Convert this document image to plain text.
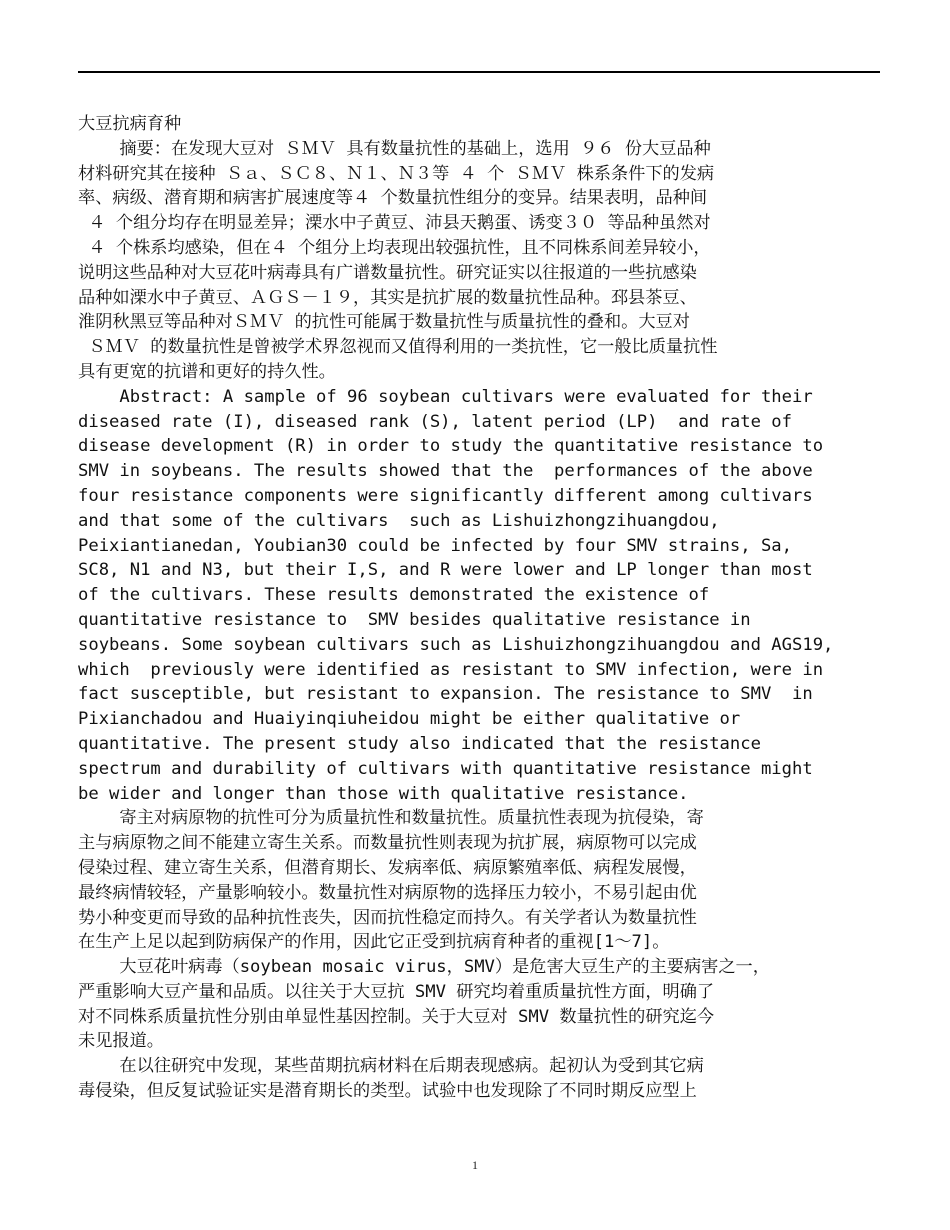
大豆抗病育种
摘要：在发现大豆对 ＳＭＶ 具有数量抗性的基础上，选用 ９６ 份大豆品种
材料研究其在接种 Ｓａ、ＳＣ８、Ｎ１、Ｎ３等 ４ 个 ＳＭＶ 株系条件下的发病
率、病级、潜育期和病害扩展速度等４ 个数量抗性组分的变异。结果表明，品种间
４ 个组分均存在明显差异；溧水中子黄豆、沛县天鹅蛋、诱变３０ 等品种虽然对
４ 个株系均感染，但在４ 个组分上均表现出较强抗性，且不同株系间差异较小，
说明这些品种对大豆花叶病毒具有广谱数量抗性。研究证实以往报道的一些抗感染
品种如溧水中子黄豆、ＡＧＳ－１９，其实是抗扩展的数量抗性品种。邳县茶豆、
淮阴秋黑豆等品种对ＳＭＶ 的抗性可能属于数量抗性与质量抗性的叠和。大豆对
ＳＭＶ 的数量抗性是曾被学术界忽视而又值得利用的一类抗性，它一般比质量抗性
具有更宽的抗谱和更好的持久性。
Abstract: A sample of 96 soybean cultivars were evaluated for their
diseased rate (I), diseased rank (S), latent period (LP)  and rate of
disease development (R) in order to study the quantitative resistance to
SMV in soybeans. The results showed that the  performances of the above
four resistance components were significantly different among cultivars
and that some of the cultivars  such as Lishuizhongzihuangdou,
Peixiantianedan, Youbian30 could be infected by four SMV strains, Sa,
SC8, N1 and N3, but their I,S, and R were lower and LP longer than most
of the cultivars. These results demonstrated the existence of
quantitative resistance to  SMV besides qualitative resistance in
soybeans. Some soybean cultivars such as Lishuizhongzihuangdou and AGS19,
which  previously were identified as resistant to SMV infection, were in
fact susceptible, but resistant to expansion. The resistance to SMV  in
Pixianchadou and Huaiyinqiuheidou might be either qualitative or
quantitative. The present study also indicated that the resistance
spectrum and durability of cultivars with quantitative resistance might
be wider and longer than those with qualitative resistance.
寄主对病原物的抗性可分为质量抗性和数量抗性。质量抗性表现为抗侵染，寄
主与病原物之间不能建立寄生关系。而数量抗性则表现为抗扩展，病原物可以完成
侵染过程、建立寄生关系，但潜育期长、发病率低、病原繁殖率低、病程发展慢，
最终病情较轻，产量影响较小。数量抗性对病原物的选择压力较小，不易引起由优
势小种变更而导致的品种抗性丧失，因而抗性稳定而持久。有关学者认为数量抗性
在生产上足以起到防病保产的作用，因此它正受到抗病育种者的重视[1～7]。
大豆花叶病毒（soybean mosaic virus，SMV）是危害大豆生产的主要病害之一，
严重影响大豆产量和品质。以往关于大豆抗 SMV 研究均着重质量抗性方面，明确了
对不同株系质量抗性分别由单显性基因控制。关于大豆对 SMV 数量抗性的研究迄今
未见报道。
在以往研究中发现，某些苗期抗病材料在后期表现感病。起初认为受到其它病
毒侵染，但反复试验证实是潜育期长的类型。试验中也发现除了不同时期反应型上
1
